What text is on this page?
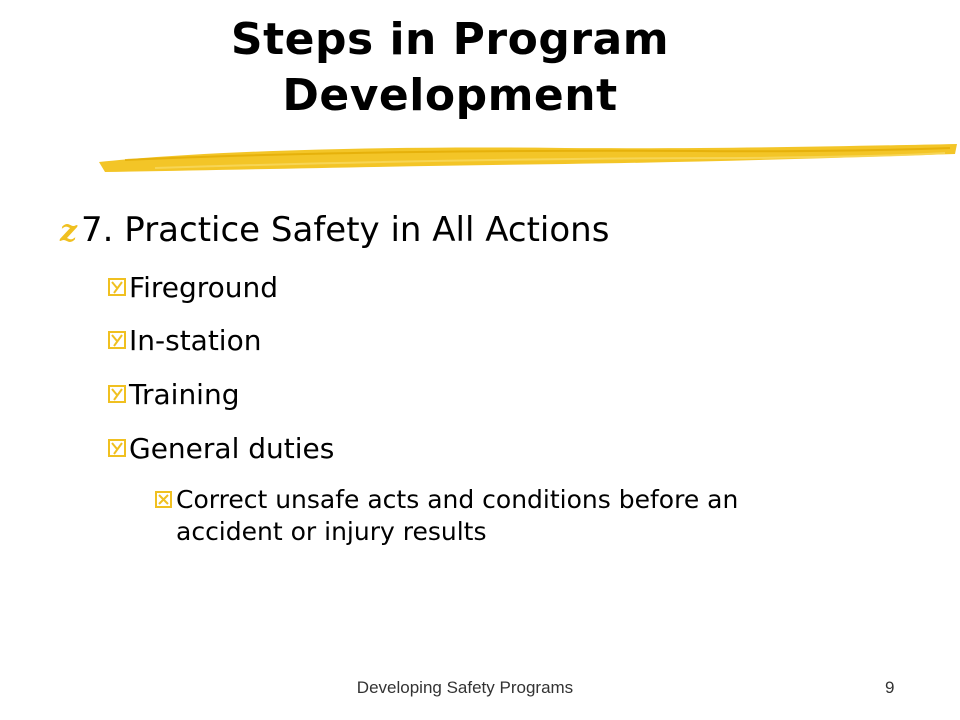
Steps in Program
Development
z 7. Practice Safety in All Actions
Fireground
In-station
Training
General duties
Correct unsafe acts and conditions before an accident or injury results
Developing Safety Programs	9
